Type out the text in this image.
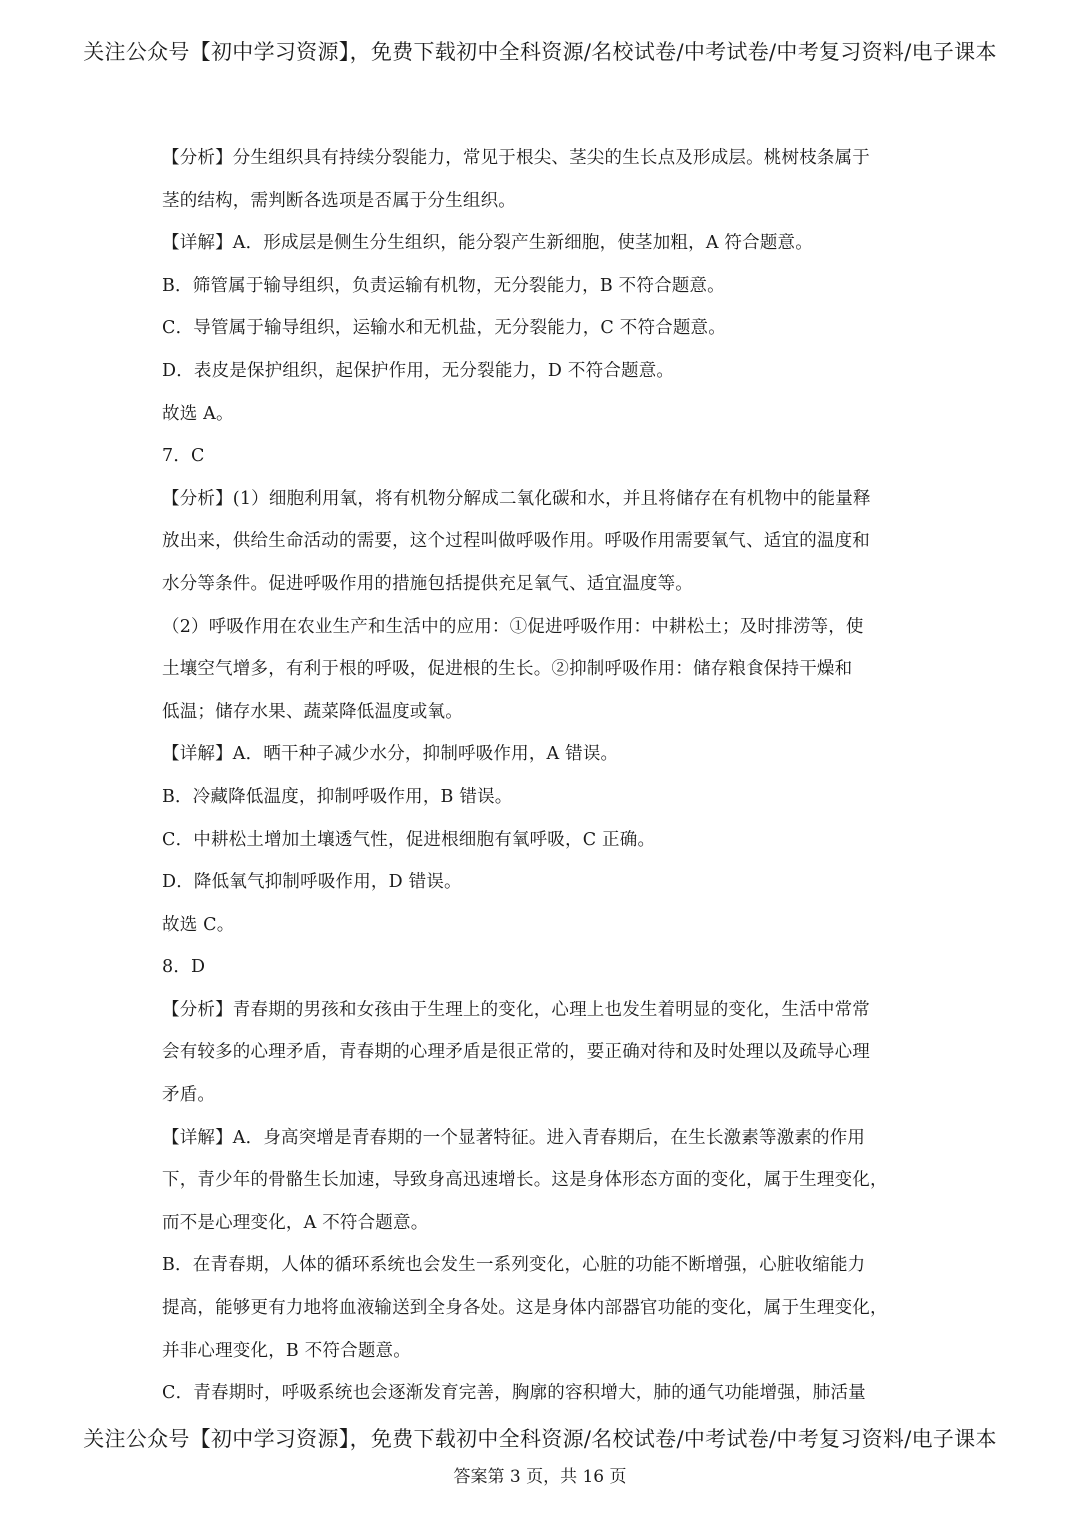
关注公众号【初中学习资源】，免费下载初中全科资源/名校试卷/中考试卷/中考复习资料/电子课本
【分析】分生组织具有持续分裂能力，常见于根尖、茎尖的生长点及形成层。桃树枝条属于
茎的结构，需判断各选项是否属于分生组织。
【详解】A．形成层是侧生分生组织，能分裂产生新细胞，使茎加粗，A 符合题意。
B．筛管属于输导组织，负责运输有机物，无分裂能力，B 不符合题意。
C．导管属于输导组织，运输水和无机盐，无分裂能力，C 不符合题意。
D．表皮是保护组织，起保护作用，无分裂能力，D 不符合题意。
故选 A。
7．C
【分析】(1）细胞利用氧，将有机物分解成二氧化碳和水，并且将储存在有机物中的能量释
放出来，供给生命活动的需要，这个过程叫做呼吸作用。呼吸作用需要氧气、适宜的温度和
水分等条件。促进呼吸作用的措施包括提供充足氧气、适宜温度等。
（2）呼吸作用在农业生产和生活中的应用：①促进呼吸作用：中耕松土；及时排涝等，使
土壤空气增多，有利于根的呼吸，促进根的生长。②抑制呼吸作用：储存粮食保持干燥和
低温；储存水果、蔬菜降低温度或氧。
【详解】A．晒干种子减少水分，抑制呼吸作用，A 错误。
B．冷藏降低温度，抑制呼吸作用，B 错误。
C．中耕松土增加土壤透气性，促进根细胞有氧呼吸，C 正确。
D．降低氧气抑制呼吸作用，D 错误。
故选 C。
8．D
【分析】青春期的男孩和女孩由于生理上的变化，心理上也发生着明显的变化，生活中常常
会有较多的心理矛盾，青春期的心理矛盾是很正常的，要正确对待和及时处理以及疏导心理
矛盾。
【详解】A．身高突增是青春期的一个显著特征。进入青春期后，在生长激素等激素的作用
下，青少年的骨骼生长加速，导致身高迅速增长。这是身体形态方面的变化，属于生理变化，
而不是心理变化，A 不符合题意。
B．在青春期，人体的循环系统也会发生一系列变化，心脏的功能不断增强，心脏收缩能力
提高，能够更有力地将血液输送到全身各处。这是身体内部器官功能的变化，属于生理变化，
并非心理变化，B 不符合题意。
C．青春期时，呼吸系统也会逐渐发育完善，胸廓的容积增大，肺的通气功能增强，肺活量
关注公众号【初中学习资源】，免费下载初中全科资源/名校试卷/中考试卷/中考复习资料/电子课本
答案第 3 页，共 16 页
